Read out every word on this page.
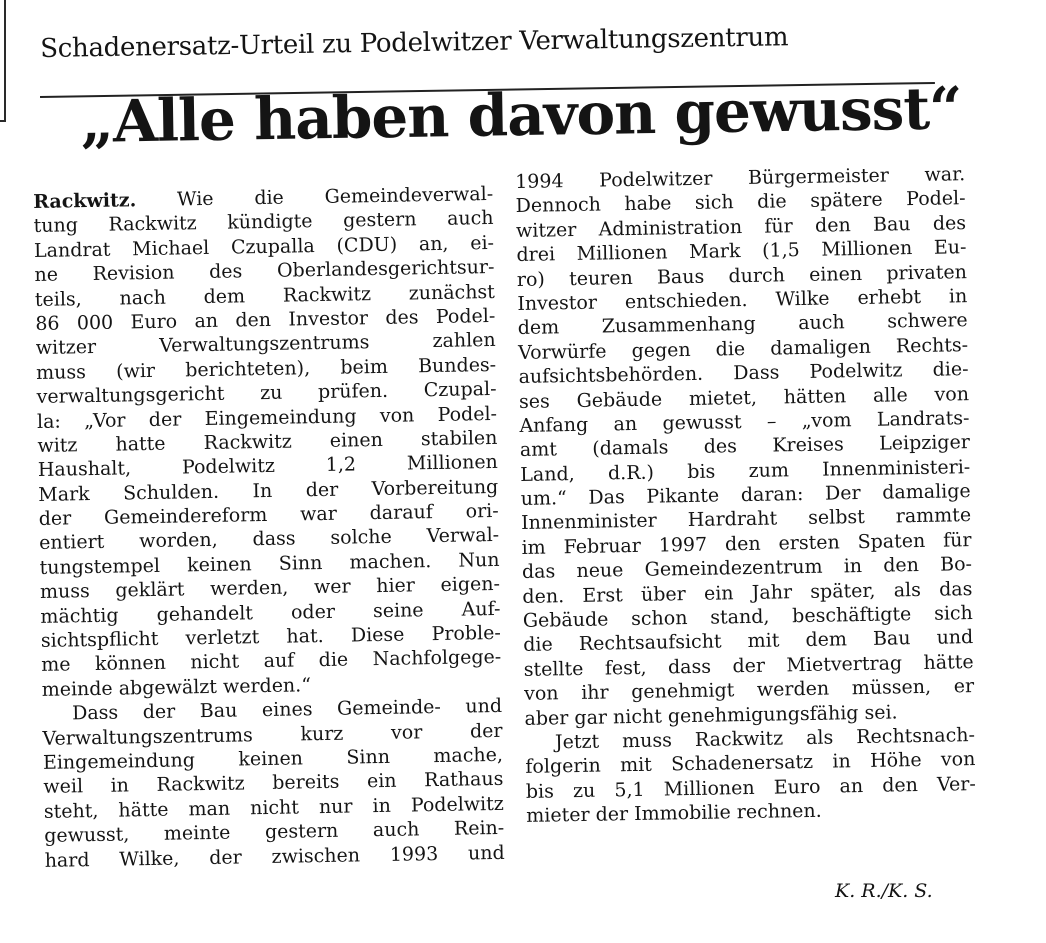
Schadenersatz-Urteil zu Podelwitzer Verwaltungszentrum
„Alle haben davon gewusst“
Rackwitz. Wie die Gemeindeverwal-
tung Rackwitz kündigte gestern auch
Landrat Michael Czupalla (CDU) an, ei-
ne Revision des Oberlandesgerichtsur-
teils, nach dem Rackwitz zunächst
86 000 Euro an den Investor des Podel-
witzer Verwaltungszentrums zahlen
muss (wir berichteten), beim Bundes-
verwaltungsgericht zu prüfen. Czupal-
la: „Vor der Eingemeindung von Podel-
witz hatte Rackwitz einen stabilen
Haushalt, Podelwitz 1,2 Millionen
Mark Schulden. In der Vorbereitung
der Gemeindereform war darauf ori-
entiert worden, dass solche Verwal-
tungstempel keinen Sinn machen. Nun
muss geklärt werden, wer hier eigen-
mächtig gehandelt oder seine Auf-
sichtspflicht verletzt hat. Diese Proble-
me können nicht auf die Nachfolgege-
meinde abgewälzt werden.“
Dass der Bau eines Gemeinde- und
Verwaltungszentrums kurz vor der
Eingemeindung keinen Sinn mache,
weil in Rackwitz bereits ein Rathaus
steht, hätte man nicht nur in Podelwitz
gewusst, meinte gestern auch Rein-
hard Wilke, der zwischen 1993 und
1994 Podelwitzer Bürgermeister war.
Dennoch habe sich die spätere Podel-
witzer Administration für den Bau des
drei Millionen Mark (1,5 Millionen Eu-
ro) teuren Baus durch einen privaten
Investor entschieden. Wilke erhebt in
dem Zusammenhang auch schwere
Vorwürfe gegen die damaligen Rechts-
aufsichtsbehörden. Dass Podelwitz die-
ses Gebäude mietet, hätten alle von
Anfang an gewusst – „vom Landrats-
amt (damals des Kreises Leipziger
Land, d.R.) bis zum Innenministeri-
um.“ Das Pikante daran: Der damalige
Innenminister Hardraht selbst rammte
im Februar 1997 den ersten Spaten für
das neue Gemeindezentrum in den Bo-
den. Erst über ein Jahr später, als das
Gebäude schon stand, beschäftigte sich
die Rechtsaufsicht mit dem Bau und
stellte fest, dass der Mietvertrag hätte
von ihr genehmigt werden müssen, er
aber gar nicht genehmigungsfähig sei.
Jetzt muss Rackwitz als Rechtsnach-
folgerin mit Schadenersatz in Höhe von
bis zu 5,1 Millionen Euro an den Ver-
mieter der Immobilie rechnen.
K. R./K. S.
